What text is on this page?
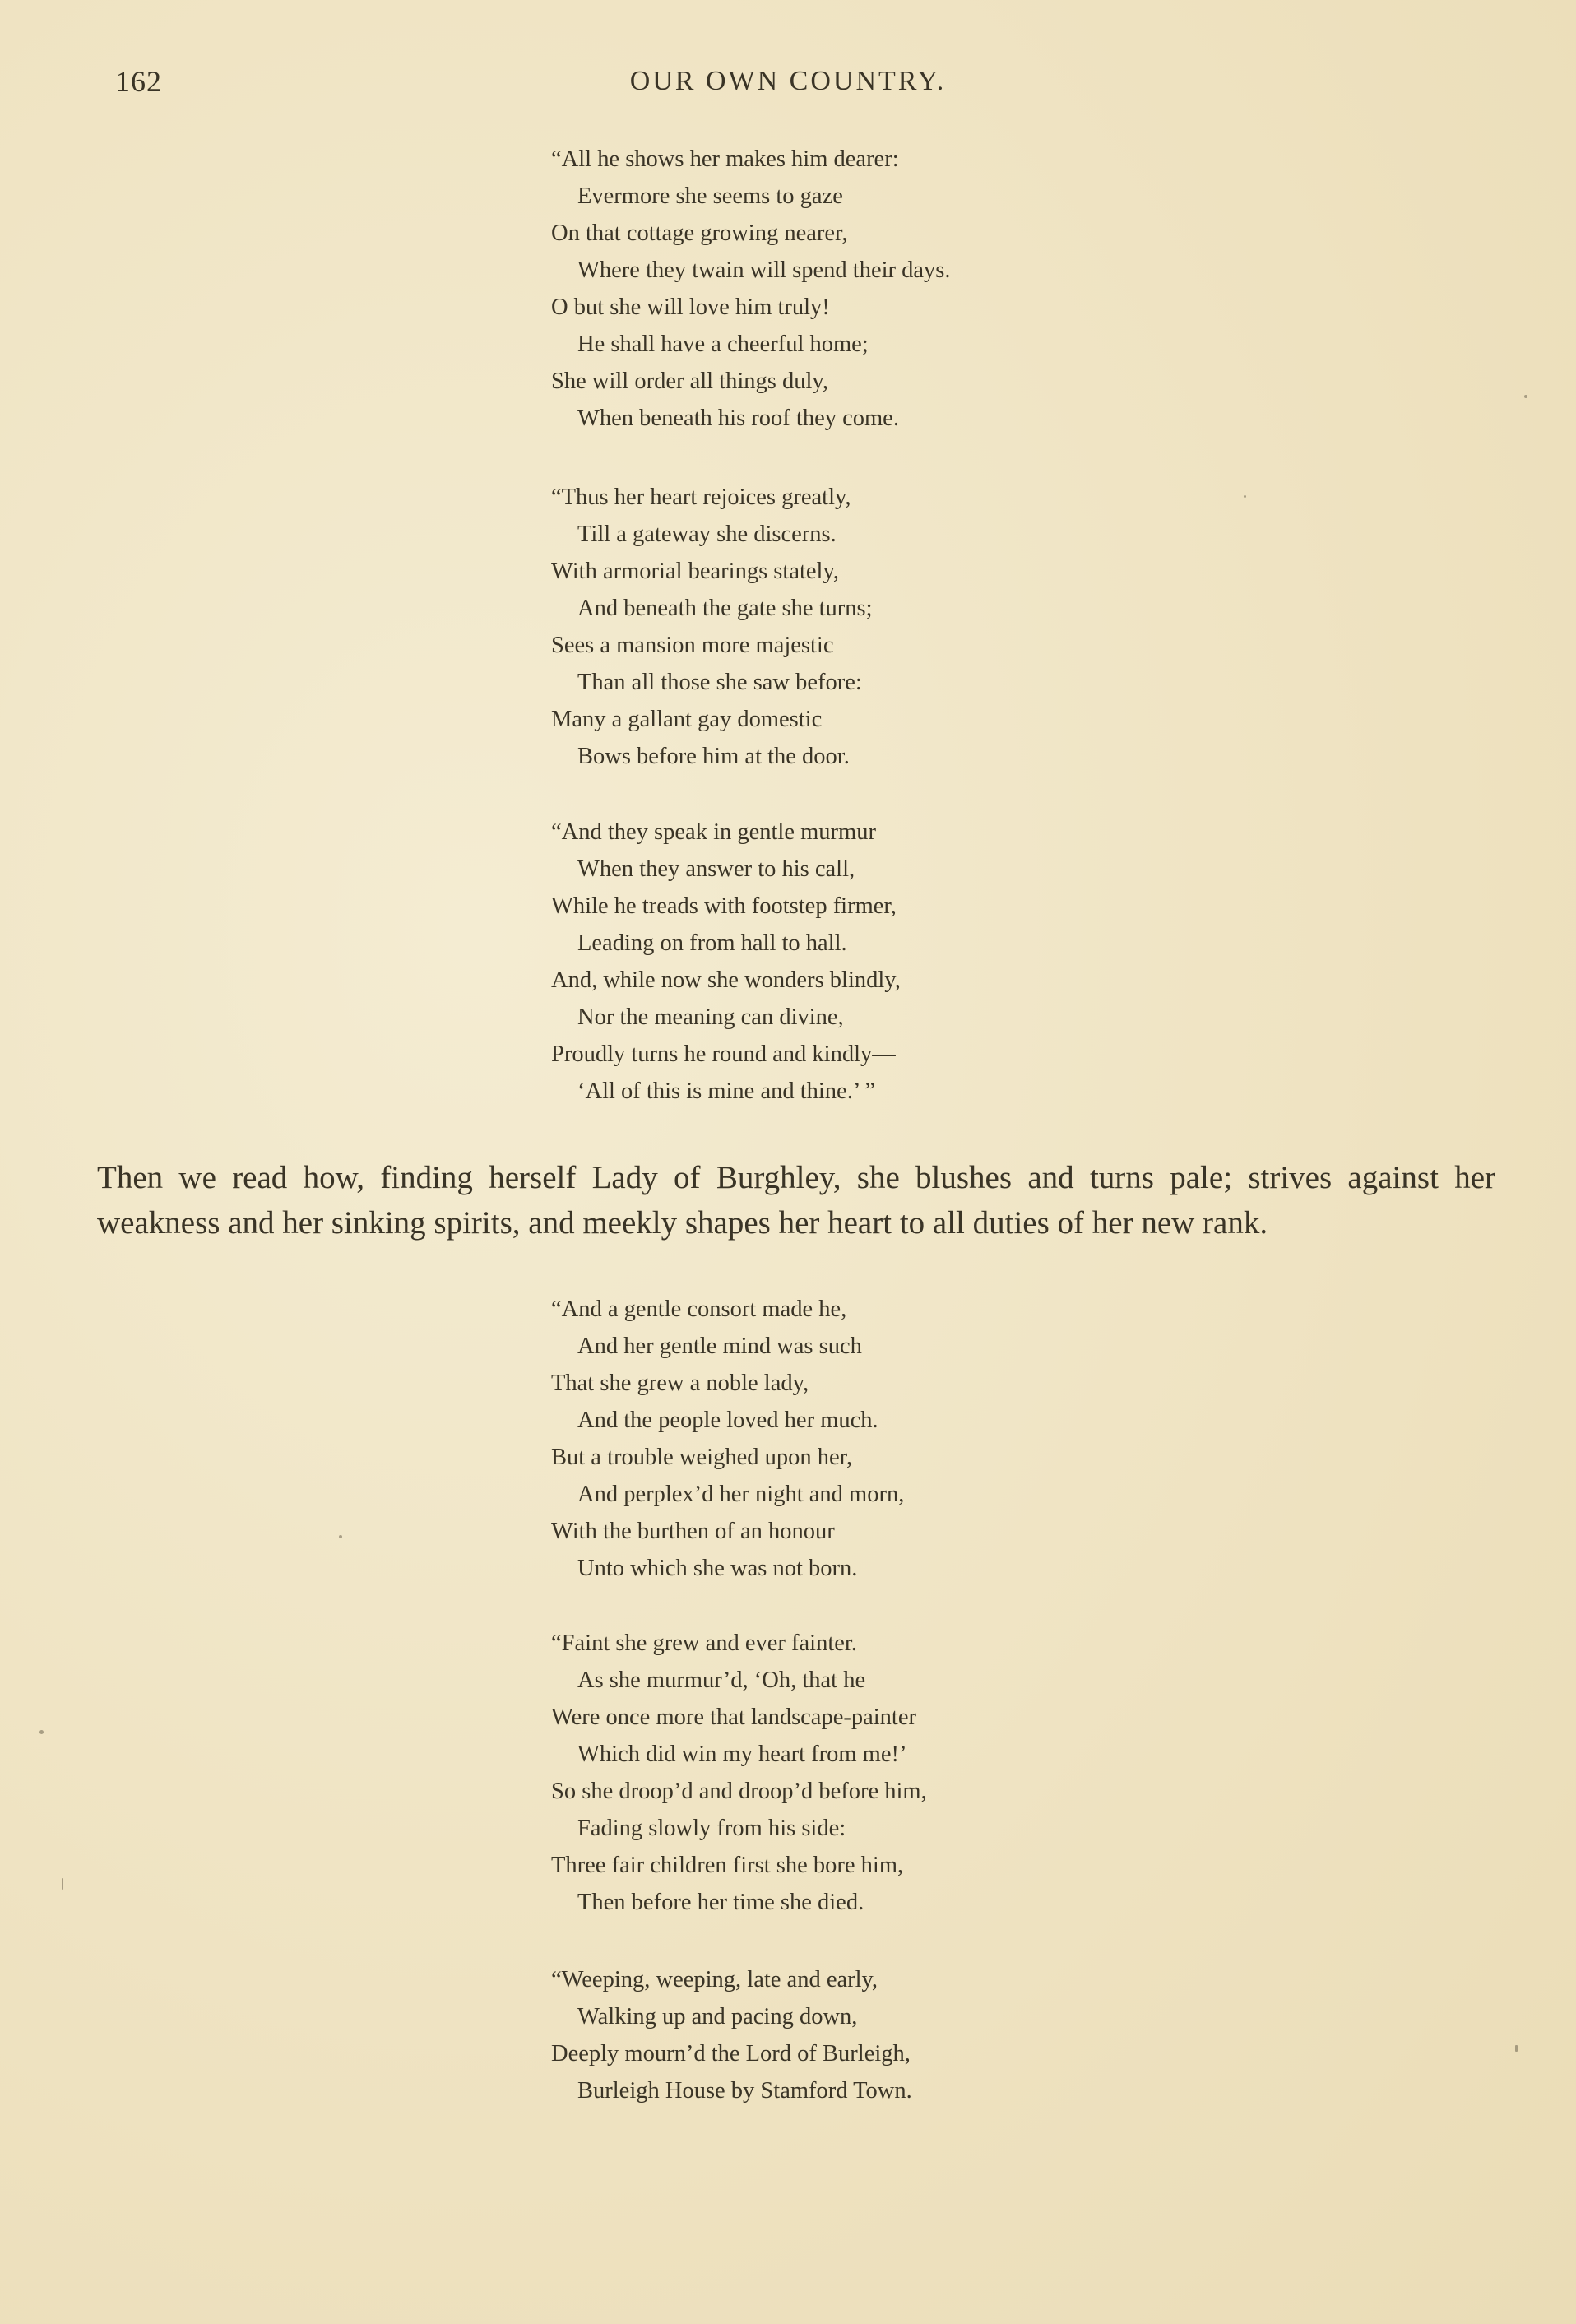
162	OUR OWN COUNTRY.

“All he shows her makes him dearer:
Evermore she seems to gaze
On that cottage growing nearer,
Where they twain will spend their days.
O but she will love him truly!
He shall have a cheerful home;
She will order all things duly,
When beneath his roof they come.

“Thus her heart rejoices greatly,
Till a gateway she discerns.
With armorial bearings stately,
And beneath the gate she turns;
Sees a mansion more majestic
Than all those she saw before:
Many a gallant gay domestic
Bows before him at the door.

“And they speak in gentle murmur
When they answer to his call,
While he treads with footstep firmer,
Leading on from hall to hall.
And, while now she wonders blindly,
Nor the meaning can divine,
Proudly turns he round and kindly—
‘All of this is mine and thine.’ ”

Then we read how, finding herself Lady of Burghley, she blushes and turns pale; strives against her weakness and her sinking spirits, and meekly shapes her heart to all duties of her new rank.

“And a gentle consort made he,
And her gentle mind was such
That she grew a noble lady,
And the people loved her much.
But a trouble weighed upon her,
And perplex’d her night and morn,
With the burthen of an honour
Unto which she was not born.

“Faint she grew and ever fainter.
As she murmur’d, ‘Oh, that he
Were once more that landscape-painter
Which did win my heart from me!’
So she droop’d and droop’d before him,
Fading slowly from his side:
Three fair children first she bore him,
Then before her time she died.

“Weeping, weeping, late and early,
Walking up and pacing down,
Deeply mourn’d the Lord of Burleigh,
Burleigh House by Stamford Town.
